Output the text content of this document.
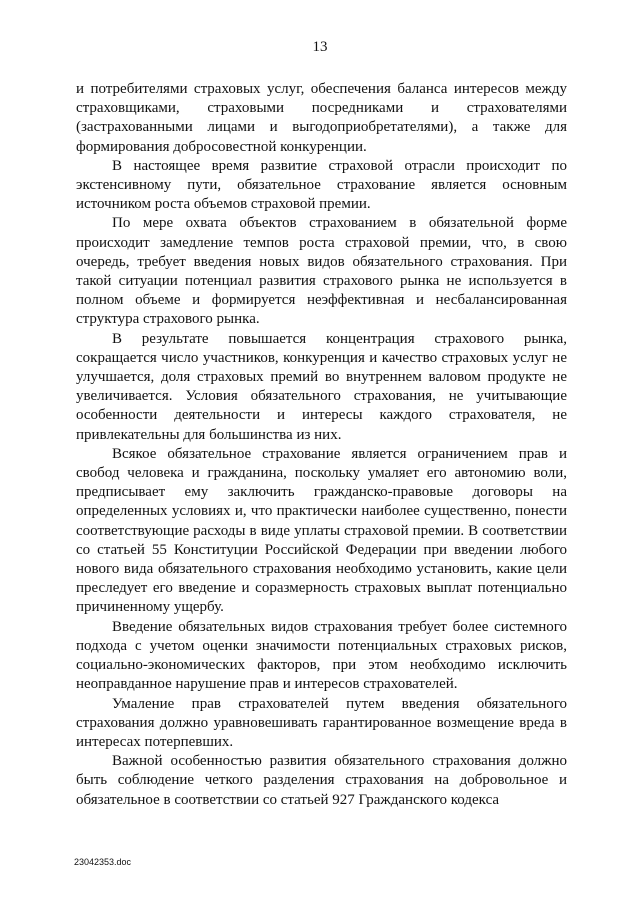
13

и потребителями страховых услуг, обеспечения баланса интересов между страховщиками, страховыми посредниками и страхователями (застрахованными лицами и выгодоприобретателями), а также для формирования добросовестной конкуренции.

В настоящее время развитие страховой отрасли происходит по экстенсивному пути, обязательное страхование является основным источником роста объемов страховой премии.

По мере охвата объектов страхованием в обязательной форме происходит замедление темпов роста страховой премии, что, в свою очередь, требует введения новых видов обязательного страхования. При такой ситуации потенциал развития страхового рынка не используется в полном объеме и формируется неэффективная и несбалансированная структура страхового рынка.

В результате повышается концентрация страхового рынка, сокращается число участников, конкуренция и качество страховых услуг не улучшается, доля страховых премий во внутреннем валовом продукте не увеличивается. Условия обязательного страхования, не учитывающие особенности деятельности и интересы каждого страхователя, не привлекательны для большинства из них.

Всякое обязательное страхование является ограничением прав и свобод человека и гражданина, поскольку умаляет его автономию воли, предписывает ему заключить гражданско-правовые договоры на определенных условиях и, что практически наиболее существенно, понести соответствующие расходы в виде уплаты страховой премии. В соответствии со статьей 55 Конституции Российской Федерации при введении любого нового вида обязательного страхования необходимо установить, какие цели преследует его введение и соразмерность страховых выплат потенциально причиненному ущербу.

Введение обязательных видов страхования требует более системного подхода с учетом оценки значимости потенциальных страховых рисков, социально-экономических факторов, при этом необходимо исключить неоправданное нарушение прав и интересов страхователей.

Умаление прав страхователей путем введения обязательного страхования должно уравновешивать гарантированное возмещение вреда в интересах потерпевших.

Важной особенностью развития обязательного страхования должно быть соблюдение четкого разделения страхования на добровольное и обязательное в соответствии со статьей 927 Гражданского кодекса

23042353.doc
